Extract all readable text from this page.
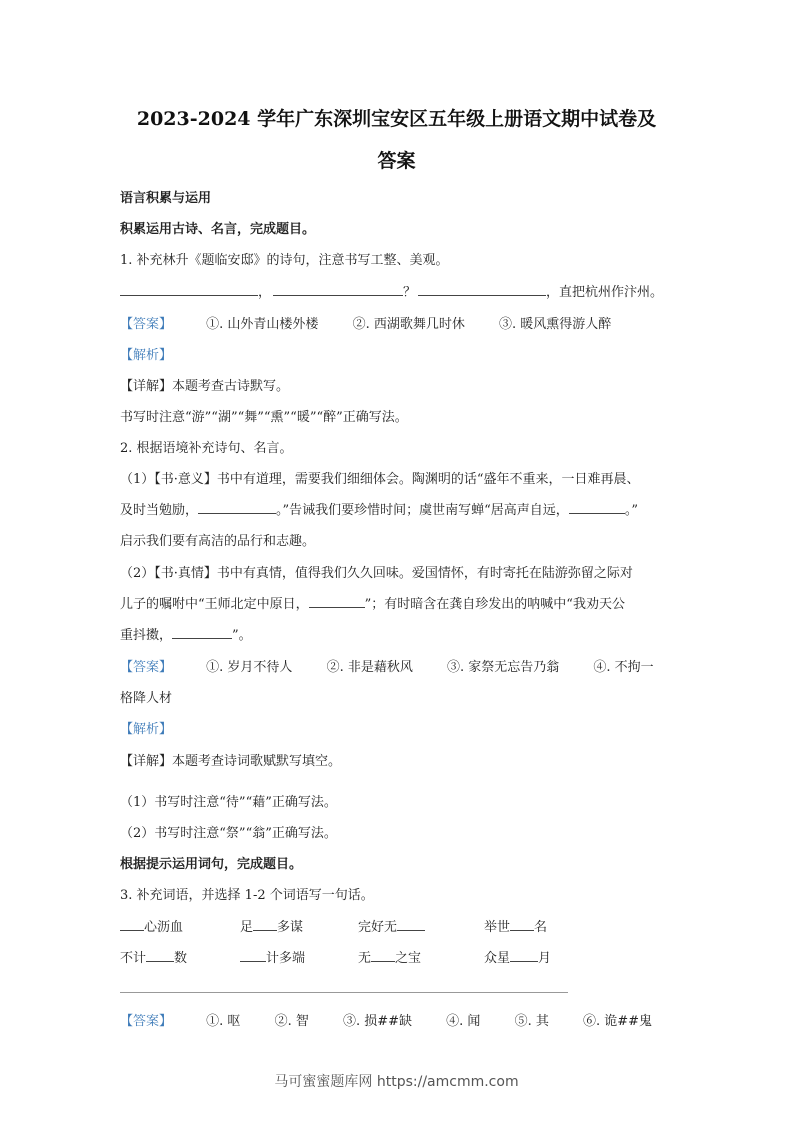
2023-2024 学年广东深圳宝安区五年级上册语文期中试卷及
答案
语言积累与运用
积累运用古诗、名言，完成题目。
1. 补充林升《题临安邸》的诗句，注意书写工整、美观。
，	？	，直把杭州作汴州。
【答案】	①. 山外青山楼外楼	②. 西湖歌舞几时休	③. 暖风熏得游人醉
【解析】
【详解】本题考查古诗默写。
书写时注意“游”“湖”“舞”“熏”“暖”“醉”正确写法。
2. 根据语境补充诗句、名言。
（1）【书·意义】书中有道理，需要我们细细体会。陶渊明的话“盛年不重来，一日难再晨、
及时当勉励，	。”告诫我们要珍惜时间；虞世南写蝉“居高声自远，	。”
启示我们要有高洁的品行和志趣。
（2）【书·真情】书中有真情，值得我们久久回味。爱国情怀，有时寄托在陆游弥留之际对
儿子的嘱咐中“王师北定中原日，	”；有时暗含在龚自珍发出的呐喊中“我劝天公
重抖擞，	”。
【答案】	①. 岁月不待人	②. 非是藉秋风	③. 家祭无忘告乃翁	④. 不拘一
格降人材
【解析】
【详解】本题考查诗词歌赋默写填空。
（1）书写时注意“待”“藉”正确写法。
（2）书写时注意“祭”“翁”正确写法。
根据提示运用词句，完成题目。
3. 补充词语，并选择 1-2 个词语写一句话。
心沥血	足 多谋	完好无	举世 名
不计 数	计多端	无 之宝	众星 月
【答案】	①. 呕	②. 智	③. 损##缺	④. 闻	⑤. 其	⑥. 诡##鬼
马可蜜蜜题库网 https://amcmm.com
